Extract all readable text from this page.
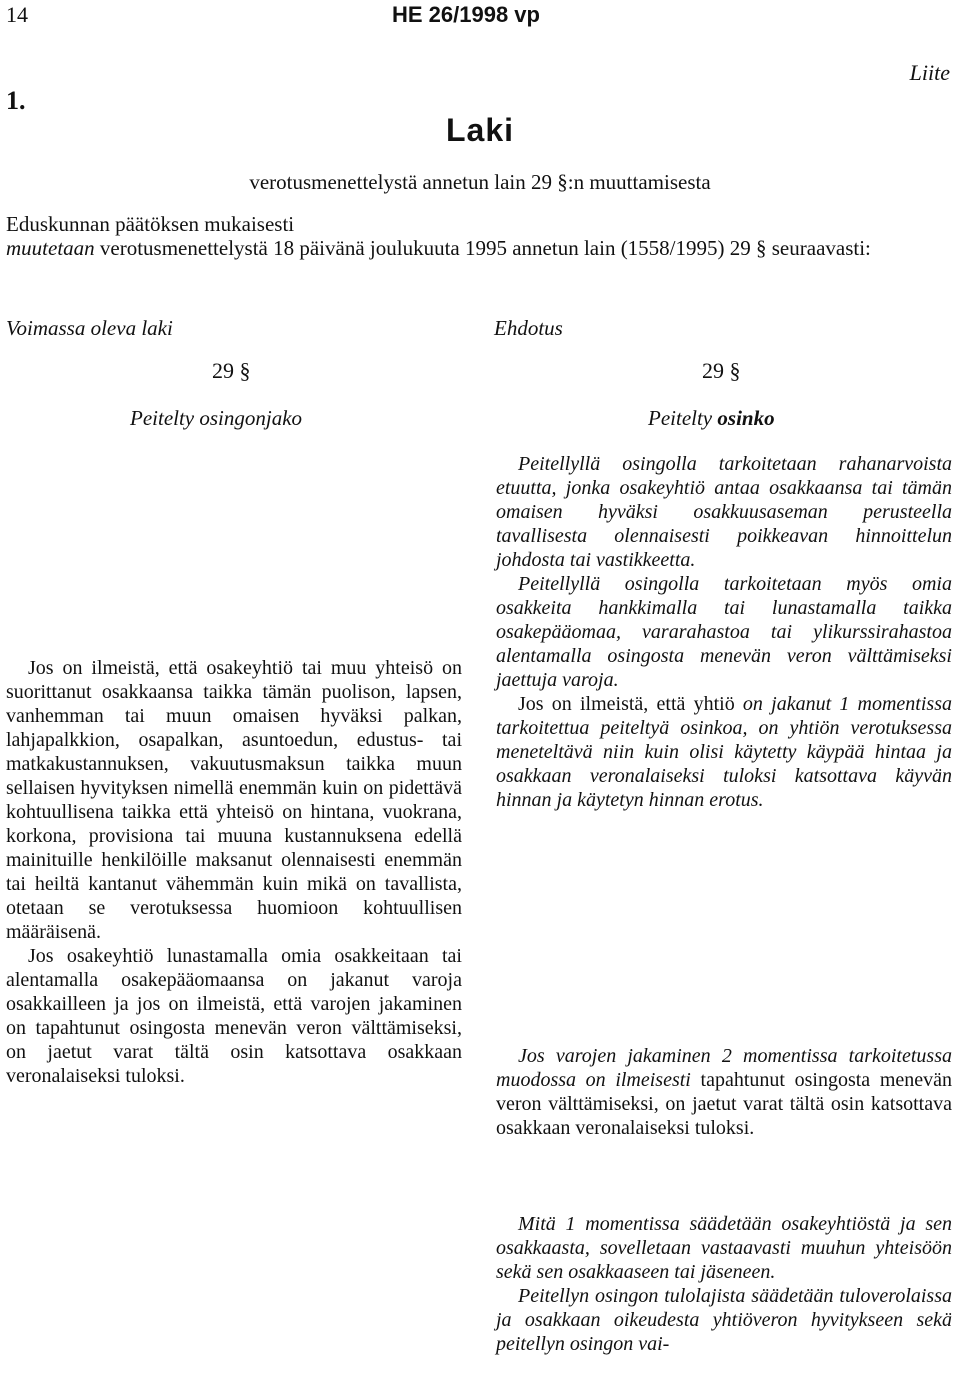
14	HE 26/1998 vp
Liite
1.
Laki
verotusmenettelystä annetun lain 29 §:n muuttamisesta
Eduskunnan päätöksen mukaisesti
muutetaan verotusmenettelystä 18 päivänä joulukuuta 1995 annetun lain (1558/1995) 29 § seuraavasti:
Voimassa oleva laki	Ehdotus
29 §	29 §
Peitelty osingonjako	Peitelty osinko

Jos on ilmeistä, että osakeyhtiö tai muu yhteisö on suorittanut osakkaansa taikka tämän puolison, lapsen, vanhemman tai muun omaisen hyväksi palkan, lahjapalkkion, osapalkan, asuntoedun, edustus- tai matkakustannuksen, vakuutusmaksun taikka muun sellaisen hyvityksen nimellä enemmän kuin on pidettävä kohtuullisena taikka että yhteisö on hintana, vuokrana, korkona, provisiona tai muuna kustannuksena edellä mainituille henkilöille maksanut olennaisesti enemmän tai heiltä kantanut vähemmän kuin mikä on tavallista, otetaan se verotuksessa huomioon kohtuullisen määräisenä.

Jos osakeyhtiö lunastamalla omia osakkeitaan tai alentamalla osakepääomaansa on jakanut varoja osakkailleen ja jos on ilmeistä, että varojen jakaminen on tapahtunut osingosta menevän veron välttämiseksi, on jaetut varat tältä osin katsottava osakkaan veronalaiseksi tuloksi.

Peitellyllä osingolla tarkoitetaan rahanarvoista etuutta, jonka osakeyhtiö antaa osakkaansa tai tämän omaisen hyväksi osakkuusaseman perusteella tavallisesta olennaisesti poikkeavan hinnoittelun johdosta tai vastikkeetta.

Peitellyllä osingolla tarkoitetaan myös omia osakkeita hankkimalla tai lunastamalla taikka osakepääomaa, vararahastoa tai ylikurssirahastoa alentamalla osingosta menevän veron välttämiseksi jaettuja varoja.

Jos on ilmeistä, että yhtiö on jakanut 1 momentissa tarkoitettua peiteltyä osinkoa, on yhtiön verotuksessa meneteltävä niin kuin olisi käytetty käypää hintaa ja osakkaan veronalaiseksi tuloksi katsottava käyvän hinnan ja käytetyn hinnan erotus.

Jos varojen jakaminen 2 momentissa tarkoitetussa muodossa on ilmeisesti tapahtunut osingosta menevän veron välttämiseksi, on jaetut varat tältä osin katsottava osakkaan veronalaiseksi tuloksi.

Mitä 1 momentissa säädetään osakeyhtiöstä ja sen osakkaasta, sovelletaan vastaavasti muuhun yhteisöön sekä sen osakkaaseen tai jäseneen.

Peitellyn osingon tulolajista säädetään tuloverolaissa ja osakkaan oikeudesta yhtiöveron hyvitykseen sekä peitellyn osingon vai-
